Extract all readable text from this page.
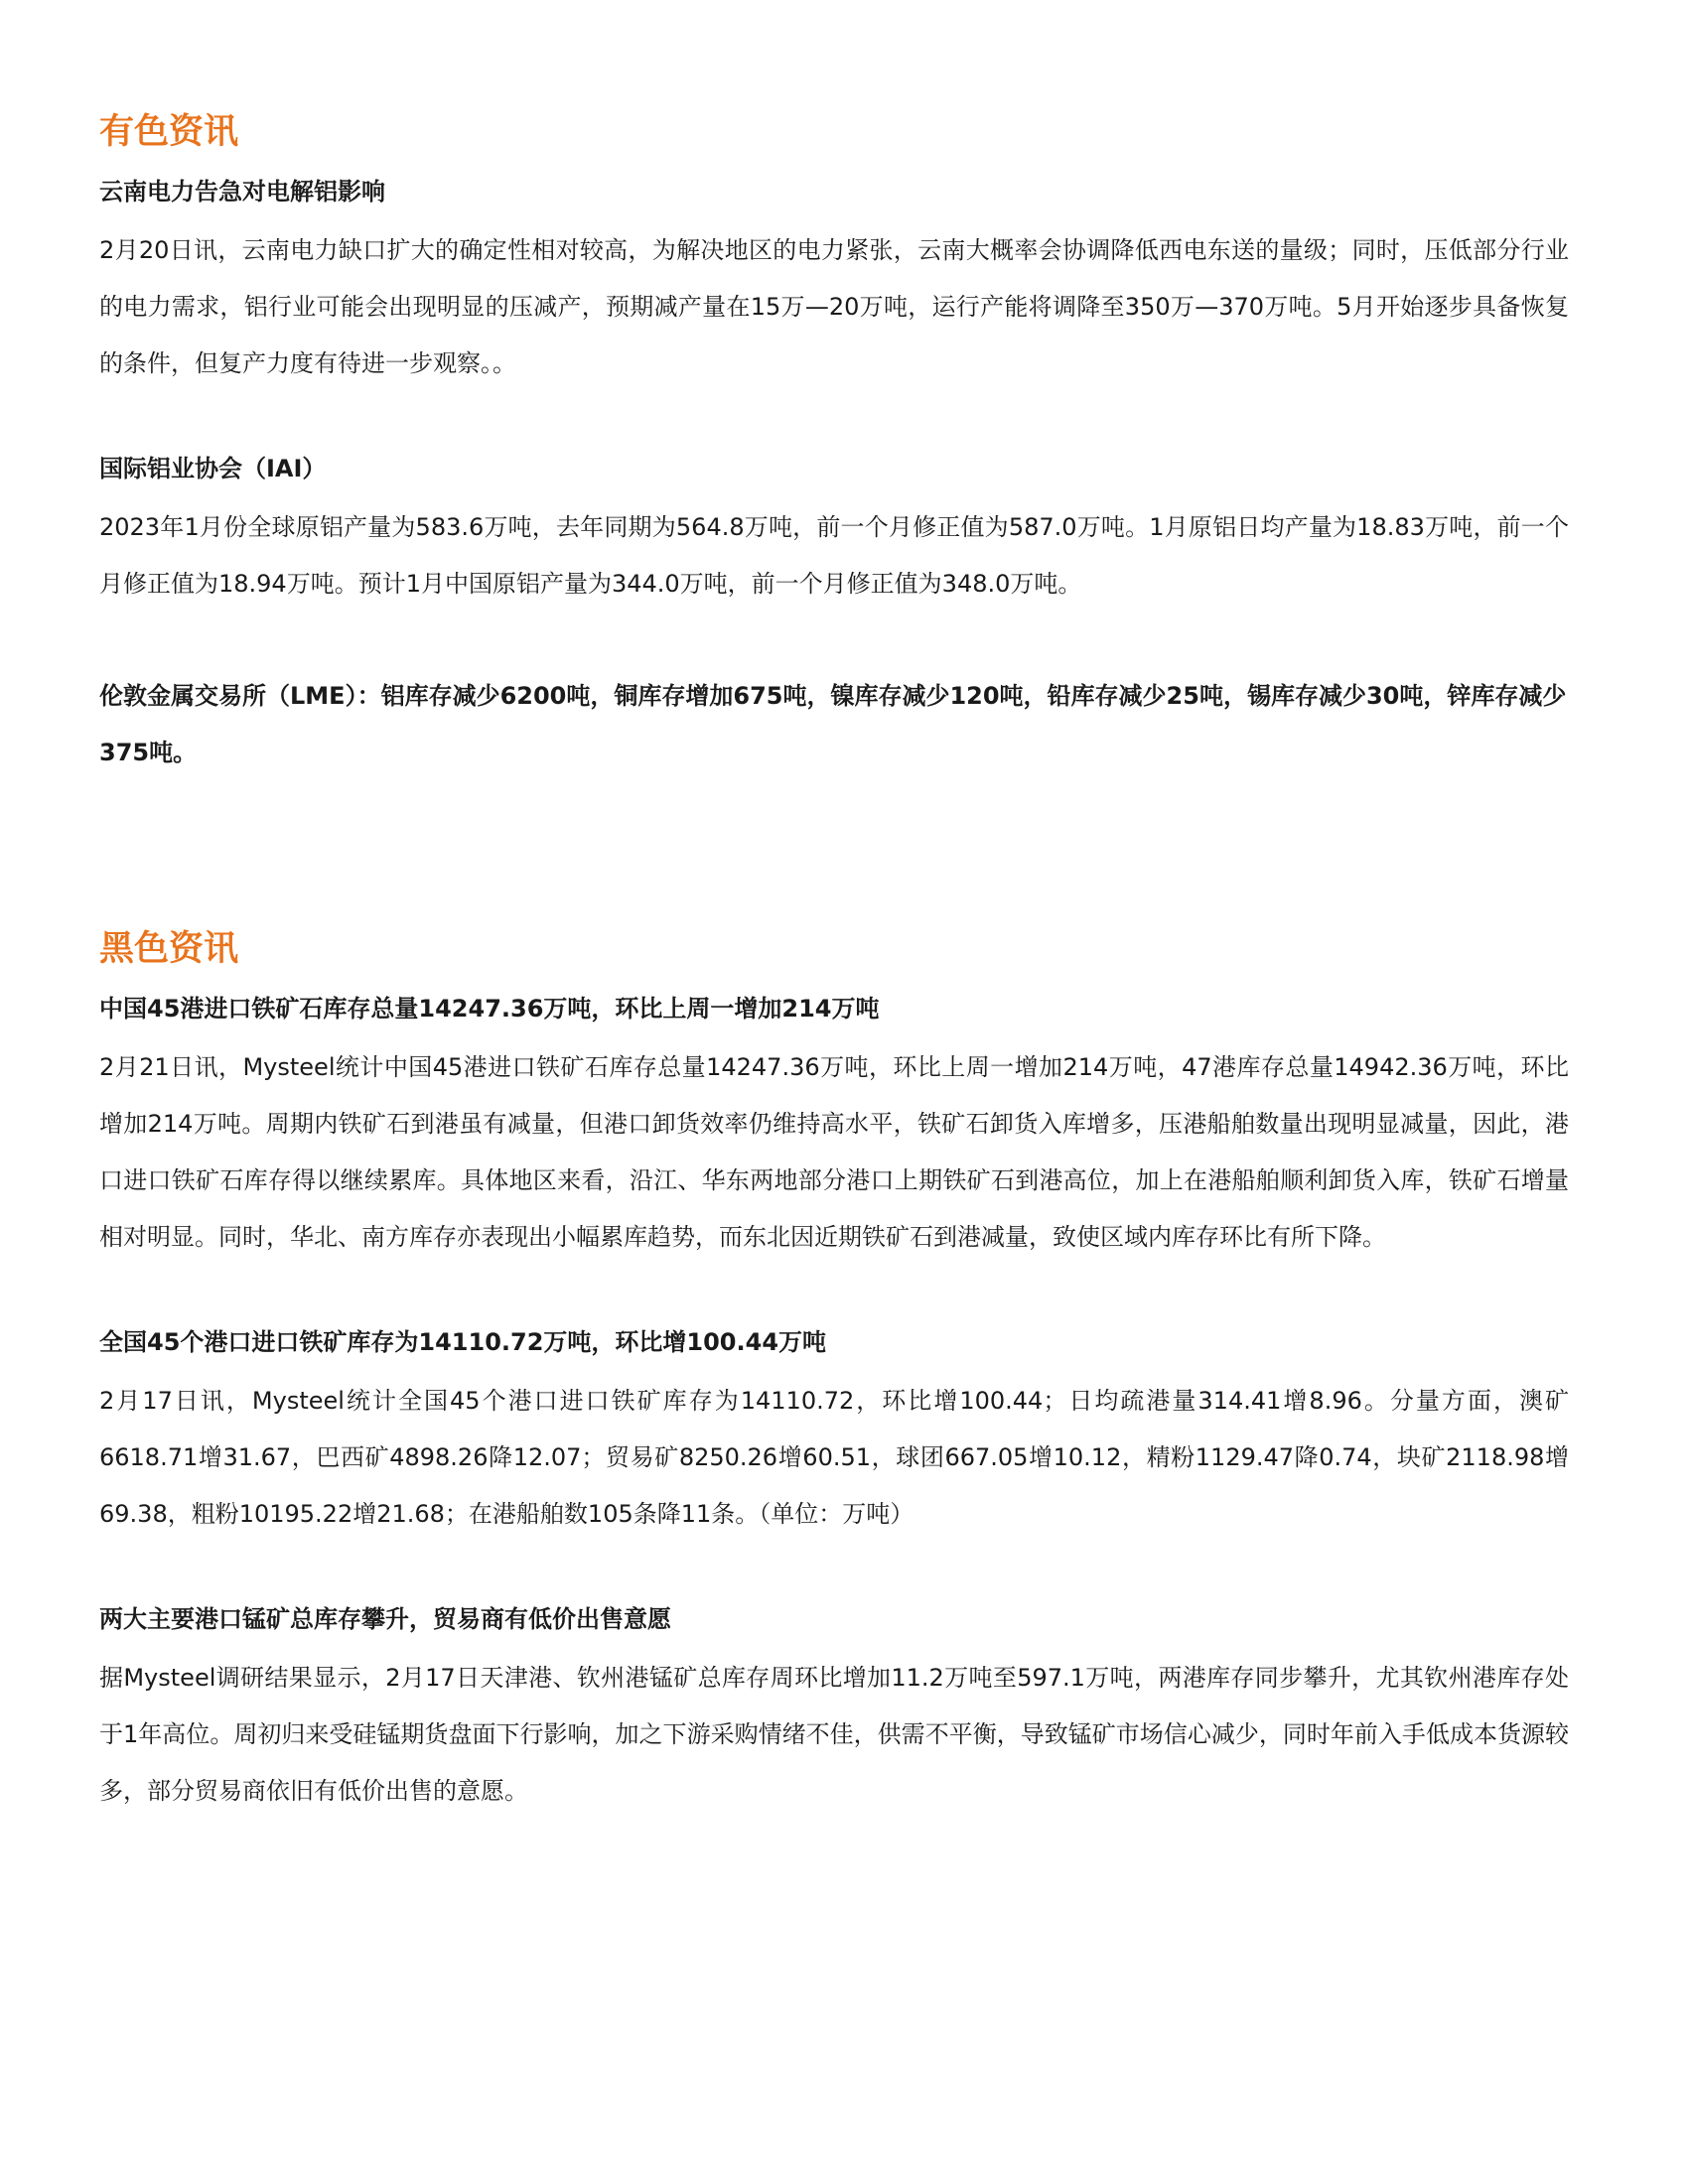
有色资讯
云南电力告急对电解铝影响

2月20日讯，云南电力缺口扩大的确定性相对较高，为解决地区的电力紧张，云南大概率会协调降低西电东送的量级；同时，压低部分行业的电力需求，铝行业可能会出现明显的压减产，预期减产量在15万—20万吨，运行产能将调降至350万—370万吨。5月开始逐步具备恢复的条件，但复产力度有待进一步观察。。

国际铝业协会（IAI）

2023年1月份全球原铝产量为583.6万吨，去年同期为564.8万吨，前一个月修正值为587.0万吨。1月原铝日均产量为18.83万吨，前一个月修正值为18.94万吨。预计1月中国原铝产量为344.0万吨，前一个月修正值为348.0万吨。

伦敦金属交易所（LME）：铝库存减少6200吨，铜库存增加675吨，镍库存减少120吨，铅库存减少25吨，锡库存减少30吨，锌库存减少375吨。

黑色资讯
中国45港进口铁矿石库存总量14247.36万吨，环比上周一增加214万吨

2月21日讯，Mysteel统计中国45港进口铁矿石库存总量14247.36万吨，环比上周一增加214万吨，47港库存总量14942.36万吨，环比增加214万吨。周期内铁矿石到港虽有减量，但港口卸货效率仍维持高水平，铁矿石卸货入库增多，压港船舶数量出现明显减量，因此，港口进口铁矿石库存得以继续累库。具体地区来看，沿江、华东两地部分港口上期铁矿石到港高位，加上在港船舶顺利卸货入库，铁矿石增量相对明显。同时，华北、南方库存亦表现出小幅累库趋势，而东北因近期铁矿石到港减量，致使区域内库存环比有所下降。

全国45个港口进口铁矿库存为14110.72万吨，环比增100.44万吨

2月17日讯，Mysteel统计全国45个港口进口铁矿库存为14110.72，环比增100.44；日均疏港量314.41增8.96。分量方面，澳矿6618.71增31.67，巴西矿4898.26降12.07；贸易矿8250.26增60.51，球团667.05增10.12，精粉1129.47降0.74，块矿2118.98增69.38，粗粉10195.22增21.68；在港船舶数105条降11条。（单位：万吨）

两大主要港口锰矿总库存攀升，贸易商有低价出售意愿

据Mysteel调研结果显示，2月17日天津港、钦州港锰矿总库存周环比增加11.2万吨至597.1万吨，两港库存同步攀升，尤其钦州港库存处于1年高位。周初归来受硅锰期货盘面下行影响，加之下游采购情绪不佳，供需不平衡，导致锰矿市场信心减少，同时年前入手低成本货源较多，部分贸易商依旧有低价出售的意愿。
